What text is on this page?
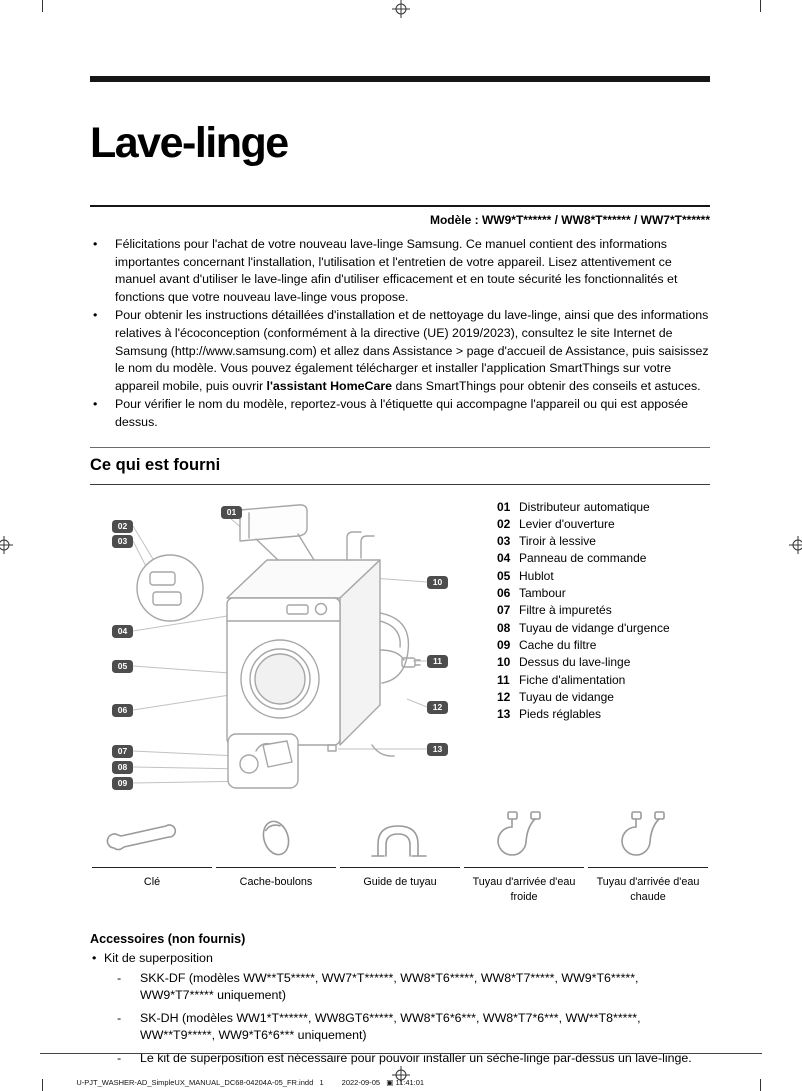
Lave-linge
Modèle : WW9*T****** / WW8*T****** / WW7*T******
• Félicitations pour l'achat de votre nouveau lave-linge Samsung. Ce manuel contient des informations importantes concernant l'installation, l'utilisation et l'entretien de votre appareil. Lisez attentivement ce manuel avant d'utiliser le lave-linge afin d'utiliser efficacement et en toute sécurité les fonctionnalités et fonctions que votre nouveau lave-linge vous propose.
• Pour obtenir les instructions détaillées d'installation et de nettoyage du lave-linge, ainsi que des informations relatives à l'écoconception (conformément à la directive (UE) 2019/2023), consultez le site Internet de Samsung (http://www.samsung.com) et allez dans Assistance > page d'accueil de Assistance, puis saisissez le nom du modèle. Vous pouvez également télécharger et installer l'application SmartThings sur votre appareil mobile, puis ouvrir l'assistant HomeCare dans SmartThings pour obtenir des conseils et astuces.
• Pour vérifier le nom du modèle, reportez-vous à l'étiquette qui accompagne l'appareil ou qui est apposée dessus.
Ce qui est fourni
01
02
03
04
05
06
07
08
09
10
11
12
13
01 Distributeur automatique
02 Levier d'ouverture
03 Tiroir à lessive
04 Panneau de commande
05 Hublot
06 Tambour
07 Filtre à impuretés
08 Tuyau de vidange d'urgence
09 Cache du filtre
10 Dessus du lave-linge
11 Fiche d'alimentation
12 Tuyau de vidange
13 Pieds réglables
Clé	Cache-boulons	Guide de tuyau	Tuyau d'arrivée d'eau
froide
Tuyau d'arrivée d'eau
chaude
Accessoires (non fournis)
• Kit de superposition
- SKK-DF (modèles WW**T5*****, WW7*T******, WW8*T6*****, WW8*T7*****, WW9*T6*****, WW9*T7***** uniquement)
- SK-DH (modèles WW1*T******, WW8GT6*****, WW8*T6*6***, WW8*T7*6***, WW**T8*****, WW**T9*****, WW9*T6*6*** uniquement)
- Le kit de superposition est nécessaire pour pouvoir installer un sèche-linge par-dessus un lave-linge.

U-PJT_WASHER-AD_SimpleUX_MANUAL_DC68-04204A-05_FR.indd   1 2022-09-05   ▣ 11:41:01
